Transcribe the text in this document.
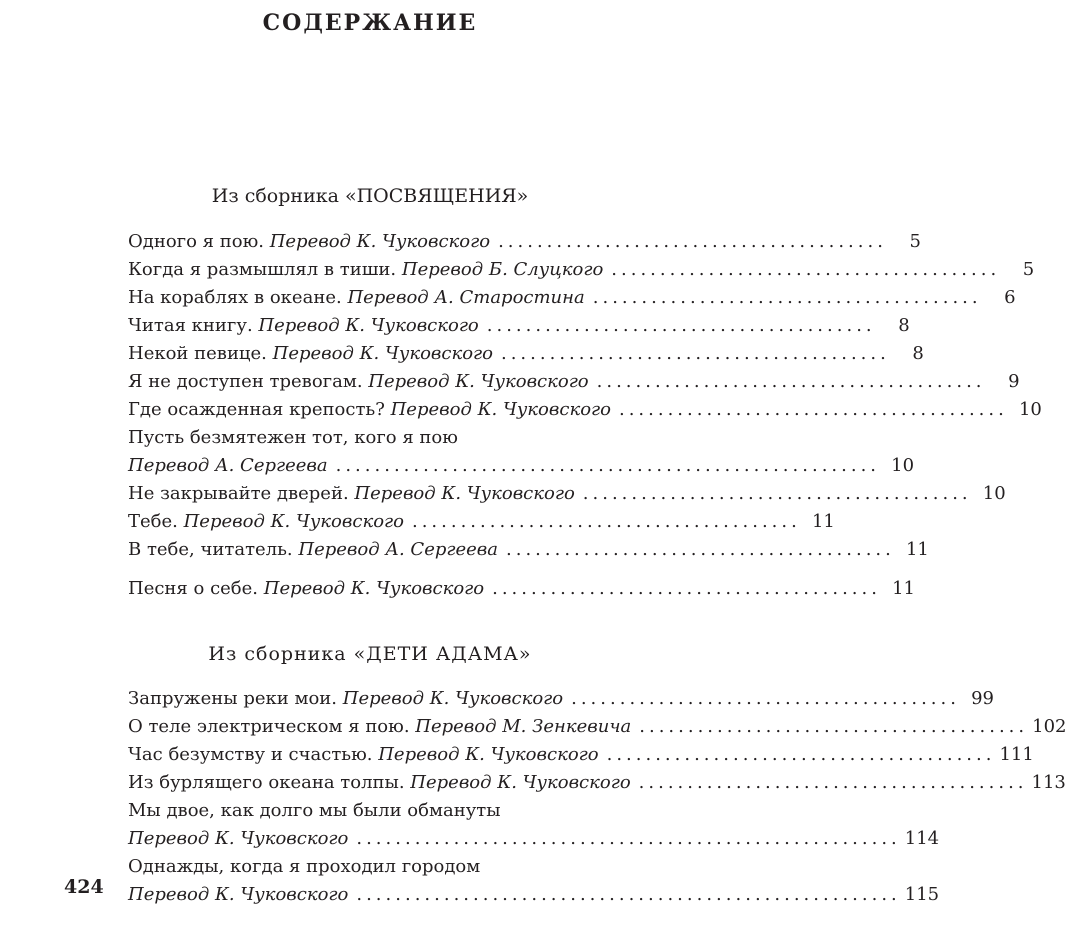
СОДЕРЖАНИЕ
Из сборника «ПОСВЯЩЕНИЯ»
Одного я пою. Перевод К. Чуковского ........................................	5
Когда я размышлял в тиши. Перевод Б. Слуцкого ........................................	5
На кораблях в океане. Перевод А. Старостина ........................................	6
Читая книгу. Перевод К. Чуковского ........................................	8
Некой певице. Перевод К. Чуковского ........................................	8
Я не доступен тревогам. Перевод К. Чуковского ........................................	9
Где осажденная крепость? Перевод К. Чуковского ........................................ 10
Пусть безмятежен тот, кого я пою
Перевод А. Сергеева ........................................................ 10
Не закрывайте дверей. Перевод К. Чуковского ........................................ 10
Тебе. Перевод К. Чуковского ........................................ 11
В тебе, читатель. Перевод А. Сергеева ........................................ 11
Песня о себе. Перевод К. Чуковского ........................................ 11
Из сборника «ДЕТИ АДАМА»
Запружены реки мои. Перевод К. Чуковского ........................................ 99
О теле электрическом я пою. Перевод М. Зенкевича ........................................ 102
Час безумству и счастью. Перевод К. Чуковского ........................................ 111
Из бурлящего океана толпы. Перевод К. Чуковского ........................................ 113
Мы двое, как долго мы были обмануты
Перевод К. Чуковского ........................................................ 114
Однажды, когда я проходил городом
Перевод К. Чуковского ........................................................ 115
424
